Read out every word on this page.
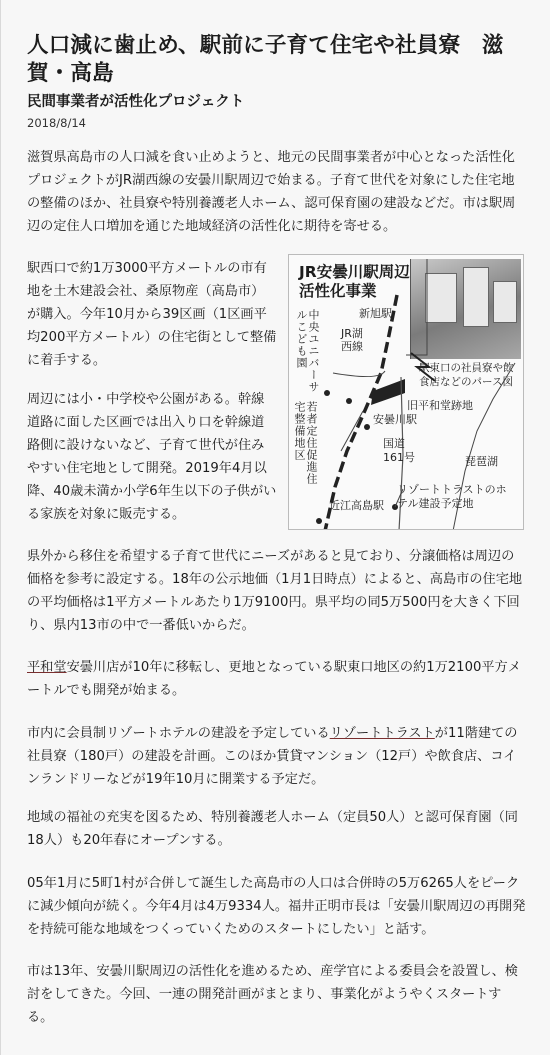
人口減に歯止め、駅前に子育て住宅や社員寮　滋賀・高島
民間事業者が活性化プロジェクト
2018/8/14

滋賀県高島市の人口減を食い止めようと、地元の民間事業者が中心となった活性化プロジェクトがJR湖西線の安曇川駅周辺で始まる。子育て世代を対象にした住宅地の整備のほか、社員寮や特別養護老人ホーム、認可保育園の建設などだ。市は駅周辺の定住人口増加を通じた地域経済の活性化に期待を寄せる。

駅西口で約1万3000平方メートルの市有地を土木建設会社、桑原物産（高島市）が購入。今年10月から39区画（1区画平均200平方メートル）の住宅街として整備に着手する。

周辺には小・中学校や公園がある。幹線道路に面した区画では出入り口を幹線道路側に設けないなど、子育て世代が住みやすい住宅地として開発。2019年4月以降、40歳未満か小学6年生以下の子供がいる家族を対象に販売する。

県外から移住を希望する子育て世代にニーズがあると見ており、分譲価格は周辺の価格を参考に設定する。18年の公示地価（1月1日時点）によると、高島市の住宅地の平均価格は1平方メートルあたり1万9100円。県平均の同5万500円を大きく下回り、県内13市の中で一番低いからだ。

平和堂安曇川店が10年に移転し、更地となっている駅東口地区の約1万2100平方メートルでも開発が始まる。

市内に会員制リゾートホテルの建設を予定しているリゾートトラストが11階建ての社員寮（180戸）の建設を計画。このほか賃貸マンション（12戸）や飲食店、コインランドリーなどが19年10月に開業する予定だ。

地域の福祉の充実を図るため、特別養護老人ホーム（定員50人）と認可保育園（同18人）も20年春にオープンする。

05年1月に5町1村が合併して誕生した高島市の人口は合併時の5万6265人をピークに減少傾向が続く。今年4月は4万9334人。福井正明市長は「安曇川駅周辺の再開発を持続可能な地域をつくっていくためのスタートにしたい」と話す。

市は13年、安曇川駅周辺の活性化を進めるため、産学官による委員会を設置し、検討をしてきた。今回、一連の開発計画がまとまり、事業化がようやくスタートする。

JR安曇川駅周辺
活性化事業
新旭駅
JR湖西線
中央ユニバーサルこども園
若者定住促進住宅整備地区
駅東口の社員寮や飲食店などのパース図
旧平和堂跡地
安曇川駅
国道161号	琵琶湖
リゾートトラストのホテル建設予定地
近江高島駅
